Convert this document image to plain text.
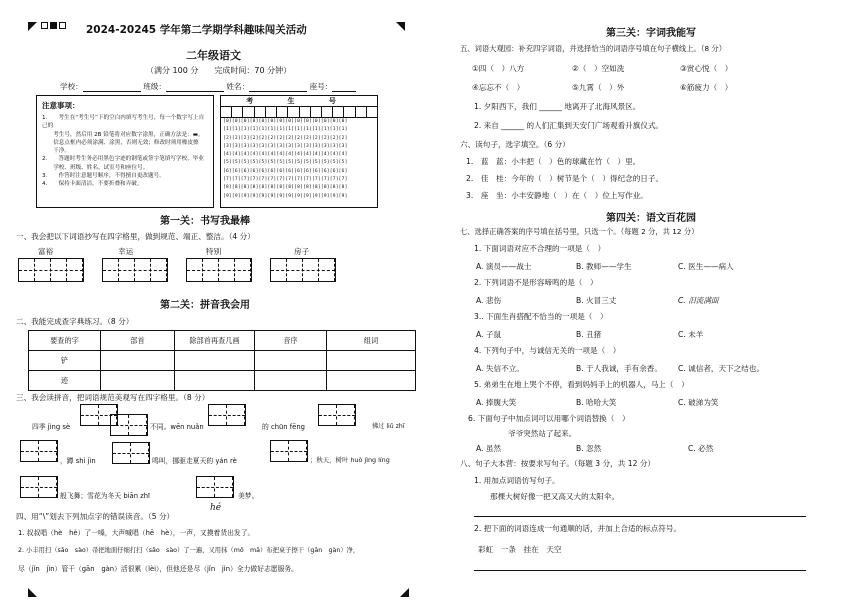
2024-20245 学年第二学期学科趣味闯关活动
二年级语文
（满分 100 分　　完成时间：70 分钟）
学校：	班级：	姓名：	座号：
注意事项：
1.　　考生在“考生号”下的空白内填写考生号，每一个数字写上自己的
　　考生号，然后用 2B 铅笔将对应数字涂黑，正确方法是：▬。
　　信息点框内必须涂满、涂黑，否则无效；修改时须用橡皮擦
　　干净。
2.　　答题时考生务必用黑色字迹的钢笔或签字笔填写学校、毕业
　　学校、班级、姓名、试室号和座位号。
3.　　作答时注意题号顺序，不得擅自更改题号。
4.　　保持卡面清洁，不要折叠和弄破。
考 生 号
[0][0][0][0][0][0][0][0][0][0][0][0][0][0]
[1][1][1][1][1][1][1][1][1][1][1][1][1][1]
[2][2][2][2][2][2][2][2][2][2][2][2][2][2]
[3][3][3][3][3][3][3][3][3][3][3][3][3][3]
[4][4][4][4][4][4][4][4][4][4][4][4][4][4]
[5][5][5][5][5][5][5][5][5][5][5][5][5][5]
[6][6][6][6][6][6][6][6][6][6][6][6][6][6]
[7][7][7][7][7][7][7][7][7][7][7][7][7][7]
[8][8][8][8][8][8][8][8][8][8][8][8][8][8]
[9][9][9][9][9][9][9][9][9][9][9][9][9][9]
第一关：书写我最棒
一、我会把以下词语抄写在四字格里，做到规范、端正、整洁。（4 分）
富裕	幸运	特别	房子
第二关：拼音我会用
二、我能完成查字典练习。（8 分）
要查的字	部首	除部首再查几画	音序	组词
铲				
迹				
三、我会读拼音，把词语规范美观写在四字格里。（8 分）
四季 jìng sè	不同。wēn nuǎn	的 chūn fēng	拂过 liǔ zhī
，蹲 shì jìn	鸣叫，挪驱走夏天的 yán rè	；秋天，树叶 huò jìng líng
般飞舞；雪花为冬天 biān zhī	美梦。
四、用“\”划去下列加点字的错误读音。（5 分）
hé
1. 叔叔唱（hè　hè）了一嗓，大声喊唱（hē　hè），一声，又摸着货出发了。
2. 小丰用扫（sǎo　sào）帚把地面仔细打扫（sǎo　sào）了一遍，又用抹（mǒ　mā）布把桌子擦干（gān　gàn）净，
尽（jǐn　jìn）管干（gān　gàn）活很累（lèi），但他还是尽（jǐn　jìn）全力做好志愿服务。
第三关：字词我能写
五、词语大观园：补充四字词语，并选择恰当的词语序号填在句子横线上。（8 分）
①四（　）八方	②（　）空如洗	③赏心悦（　）
④忘忘不（　）	⑤九霄（　）外	⑥筋疲力（　）
1. 夕阳西下，我们 ______ 地离开了北海风景区。
2. 来自 ______ 的人们汇集到天安门广场观看升旗仪式。
六、读句子，选字填空。（6 分）
1.　蓝　蓝：小丰把（　）色的球藏在竹（　）里。
2.　佳　桂：今年的（　）树节是个（　）得纪念的日子。
3.　座　坐：小丰安静地（　）在（　）位上写作业。
第四关：语文百花园
七、选择正确答案的序号填在括号里，只选一个。（每题 2 分，共 12 分）
1. 下面词语对应不合理的一项是（　）
A. 演员——战士	B. 教师——学生	C. 医生——病人
2. 下列词语不是形容啼鸣的是（　）
A. 悲伤	B. 火冒三丈	C. 泪流满面
3.. 下面生肖搭配不恰当的一项是（　）
A. 子鼠	B. 丑猪	C. 未羊
4. 下列句子中，与诚信无关的一项是（　）
A. 失信不立。	B. 于人我诚，手有余香。 C. 诚信者，天下之结也。
5. 弟弟生在地上哭个不停，看到妈妈手上的机器人，马上（　）
A. 捧腹大笑	B. 哈哈大笑	C. 破涕为笑
6. 下面句子中加点词可以用哪个词语替换（　）
爷爷突然站了起来。
A. 虽然	B. 忽然	C. 必然
八、句子大本营：按要求写句子。（每题 3 分，共 12 分）
1. 用加点词语仿写句子。
那棵大树好像一把又高又大的太阳伞。
2. 把下面的词语连成一句通顺的话，并加上合适的标点符号。
彩虹　一条　挂在　天空
